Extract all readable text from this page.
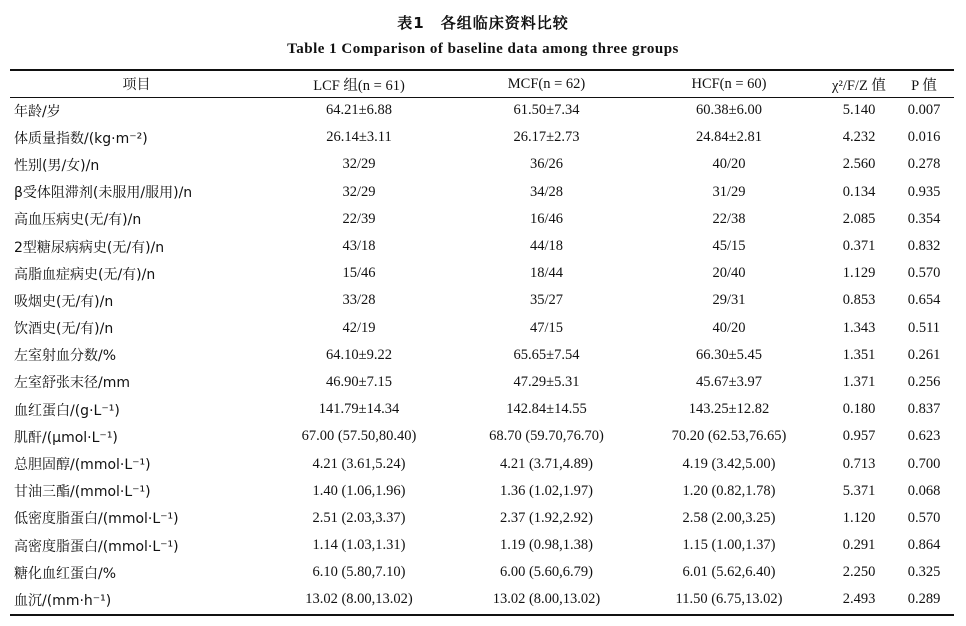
表1　各组临床资料比较
Table 1 Comparison of baseline data among three groups
项目	LCF 组(n = 61)	MCF(n = 62)	HCF(n = 60)	χ²/F/Z 值	P 值
年龄/岁	64.21±6.88	61.50±7.34	60.38±6.00	5.140	0.007
体质量指数/(kg·m⁻²)	26.14±3.11	26.17±2.73	24.84±2.81	4.232	0.016
性别(男/女)/n	32/29	36/26	40/20	2.560	0.278
β受体阻滞剂(未服用/服用)/n	32/29	34/28	31/29	0.134	0.935
高血压病史(无/有)/n	22/39	16/46	22/38	2.085	0.354
2型糖尿病病史(无/有)/n	43/18	44/18	45/15	0.371	0.832
高脂血症病史(无/有)/n	15/46	18/44	20/40	1.129	0.570
吸烟史(无/有)/n	33/28	35/27	29/31	0.853	0.654
饮酒史(无/有)/n	42/19	47/15	40/20	1.343	0.511
左室射血分数/%	64.10±9.22	65.65±7.54	66.30±5.45	1.351	0.261
左室舒张末径/mm	46.90±7.15	47.29±5.31	45.67±3.97	1.371	0.256
血红蛋白/(g·L⁻¹)	141.79±14.34	142.84±14.55	143.25±12.82	0.180	0.837
肌酐/(μmol·L⁻¹)	67.00 (57.50,80.40)	68.70 (59.70,76.70)	70.20 (62.53,76.65)	0.957	0.623
总胆固醇/(mmol·L⁻¹)	4.21 (3.61,5.24)	4.21 (3.71,4.89)	4.19 (3.42,5.00)	0.713	0.700
甘油三酯/(mmol·L⁻¹)	1.40 (1.06,1.96)	1.36 (1.02,1.97)	1.20 (0.82,1.78)	5.371	0.068
低密度脂蛋白/(mmol·L⁻¹)	2.51 (2.03,3.37)	2.37 (1.92,2.92)	2.58 (2.00,3.25)	1.120	0.570
高密度脂蛋白/(mmol·L⁻¹)	1.14 (1.03,1.31)	1.19 (0.98,1.38)	1.15 (1.00,1.37)	0.291	0.864
糖化血红蛋白/%	6.10 (5.80,7.10)	6.00 (5.60,6.79)	6.01 (5.62,6.40)	2.250	0.325
血沉/(mm·h⁻¹)	13.02 (8.00,13.02)	13.02 (8.00,13.02)	11.50 (6.75,13.02)	2.493	0.289
